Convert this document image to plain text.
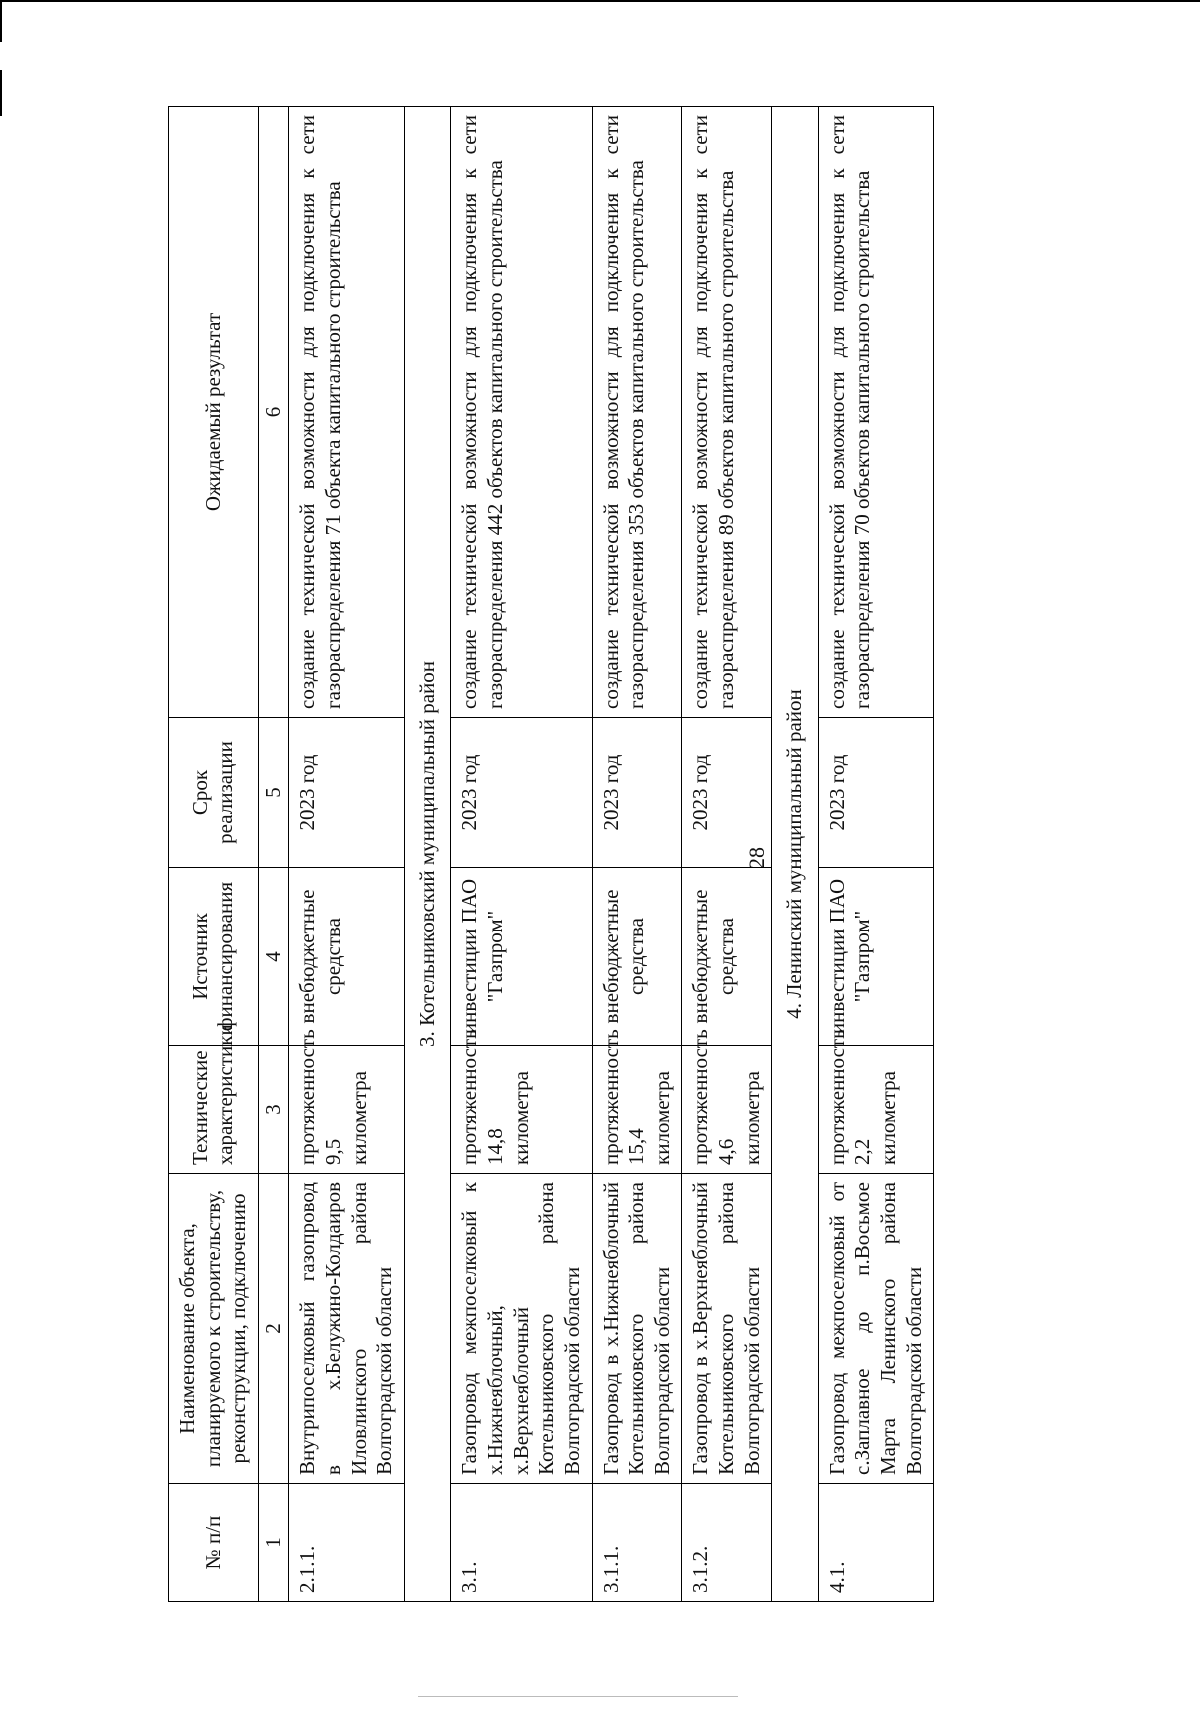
28
№ п/п	Наименование объекта, планируемого к строительству, реконструкции, подключению	Технические характеристики	Источник финансирования	Срок реализации	Ожидаемый результат
1	2	3	4	5	6
2.1.1.	Внутрипоселковый газопровод в х.Белужино-Колдаиров Иловлинского района Волгоградской области	протяженность 9,5 километра	внебюджетные средства	2023 год	создание технической возможности для подключения к сети газораспределения 71 объекта капитального строительства
3. Котельниковский муниципальный район					
3.1.	Газопровод межпоселковый к х.Нижнеяблочный, х.Верхнеяблочный Котельниковского района Волгоградской области	протяженность 14,8 километра	инвестиции ПАО "Газпром"	2023 год	создание технической возможности для подключения к сети газораспределения 442 объектов капитального строительства
3.1.1.	Газопровод в х.Нижнеяблочный Котельниковского района Волгоградской области	протяженность 15,4 километра	внебюджетные средства	2023 год	создание технической возможности для подключения к сети газораспределения 353 объектов капитального строительства
3.1.2.	Газопровод в х.Верхнеяблочный Котельниковского района Волгоградской области	протяженность 4,6 километра	внебюджетные средства	2023 год	создание технической возможности для подключения к сети газораспределения 89 объектов капитального строительства
4. Ленинский муниципальный район					
4.1.	Газопровод межпоселковый от с.Заплавное до п.Восьмое Марта Ленинского района Волгоградской области	протяженность 2,2 километра	инвестиции ПАО "Газпром"	2023 год	создание технической возможности для подключения к сети газораспределения 70 объектов капитального строительства
